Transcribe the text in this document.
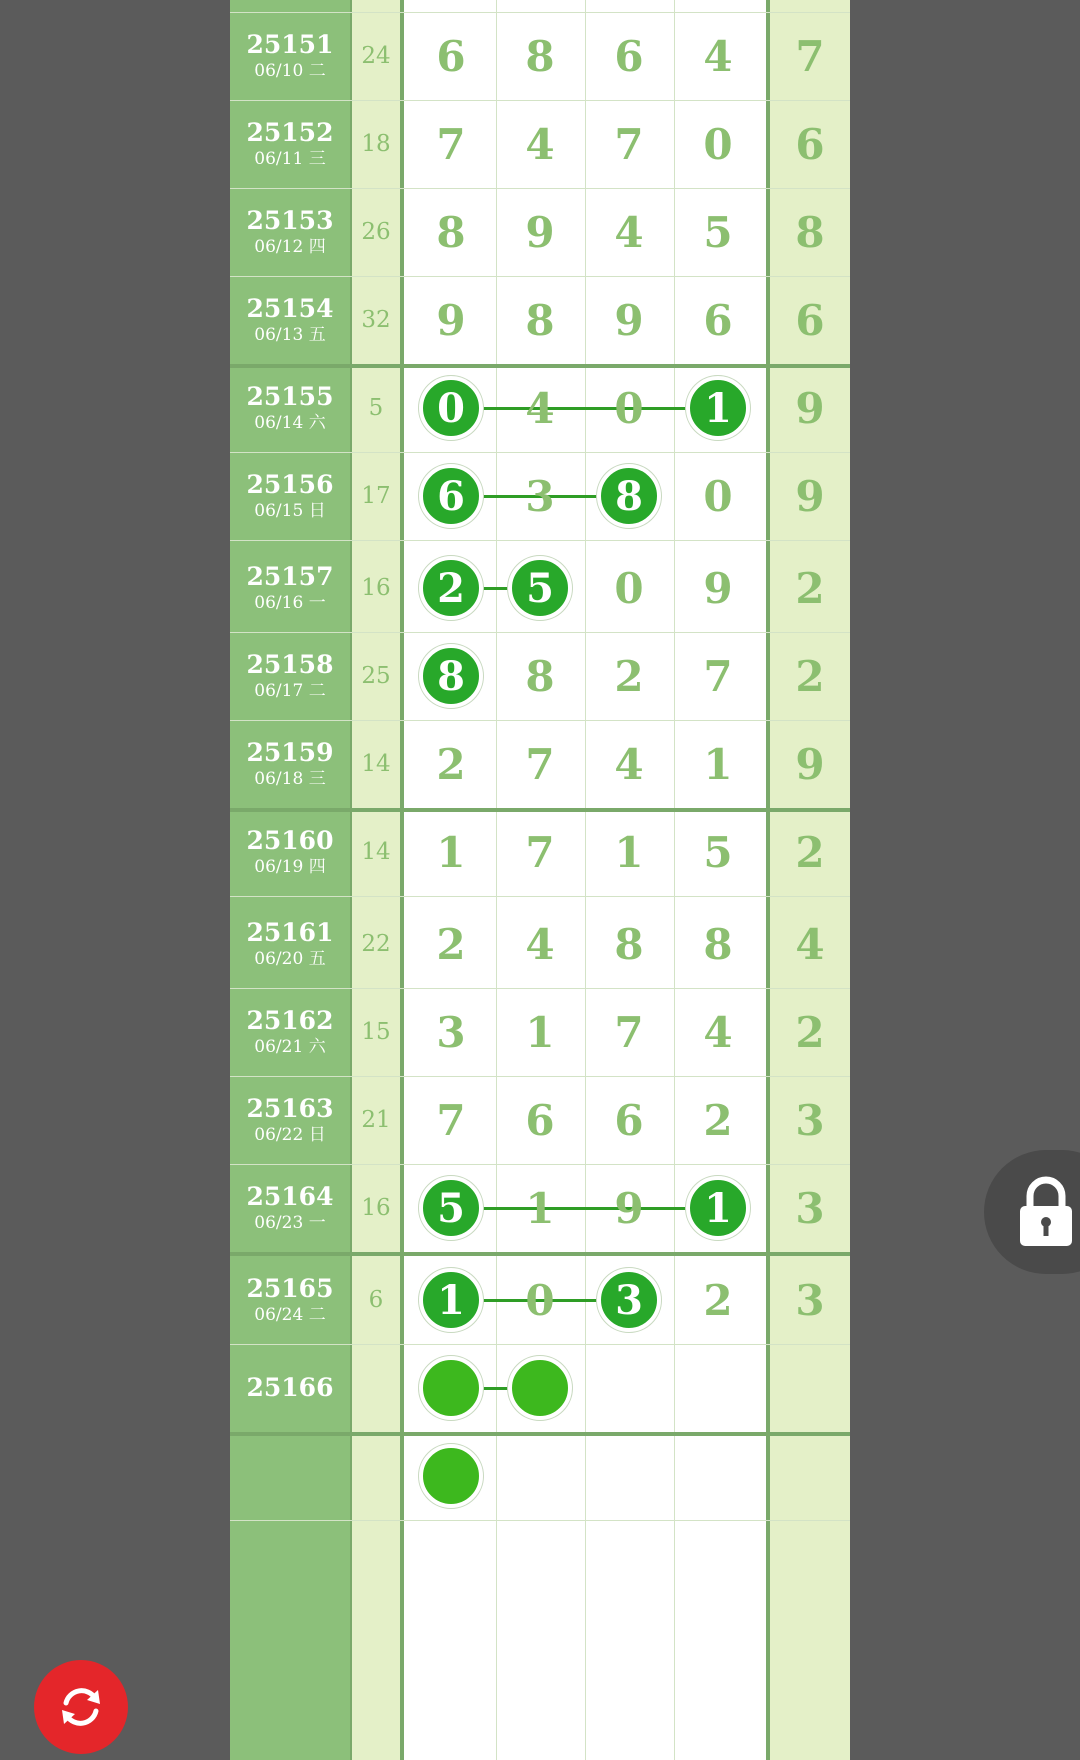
25151
06/10 二
24	6	8	6	4	7
25152
06/11 三
18	7	4	7	0	6
25153
06/12 四
26	8	9	4	5	8
25154
06/13 五
32	9	8	9	6	6
25155
06/14 六
5	0	4	0	1	9
25156
06/15 日
17	6	3	8	0	9
25157
06/16 一
16	2	5	0	9	2
25158
06/17 二
25	8	8	2	7	2
25159
06/18 三
14	2	7	4	1	9
25160
06/19 四
14	1	7	1	5	2
25161
06/20 五
22	2	4	8	8	4
25162
06/21 六
15	3	1	7	4	2
25163
06/22 日
21	7	6	6	2	3
25164
06/23 一
16	5	1	9	1	3
25165
06/24 二
6	1	0	3	2	3
25166
